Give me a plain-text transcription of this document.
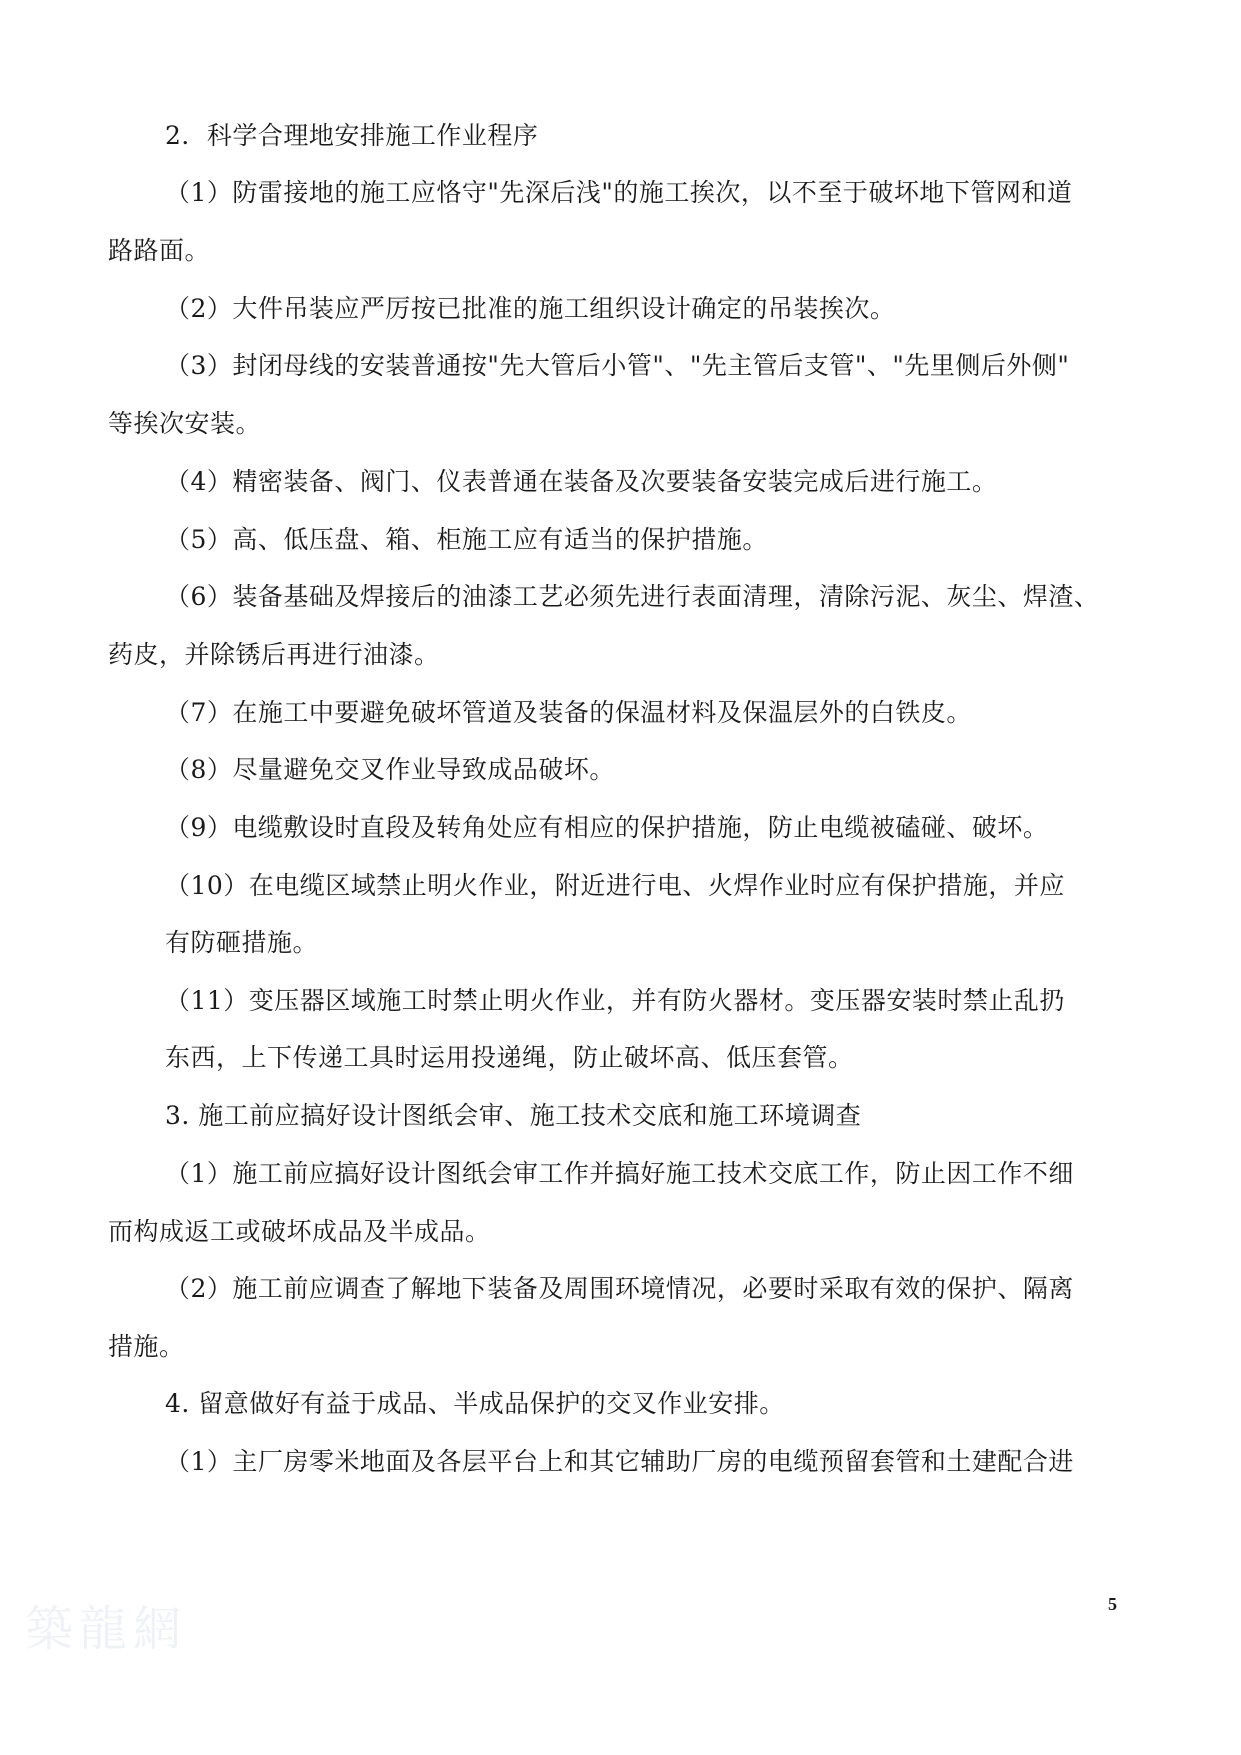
2．科学合理地安排施工作业程序
（1）防雷接地的施工应恪守"先深后浅"的施工挨次，以不至于破坏地下管网和道
路路面。
（2）大件吊装应严厉按已批准的施工组织设计确定的吊装挨次。
（3）封闭母线的安装普通按"先大管后小管"、"先主管后支管"、"先里侧后外侧"
等挨次安装。
（4）精密装备、阀门、仪表普通在装备及次要装备安装完成后进行施工。
（5）高、低压盘、箱、柜施工应有适当的保护措施。
（6）装备基础及焊接后的油漆工艺必须先进行表面清理，清除污泥、灰尘、焊渣、
药皮，并除锈后再进行油漆。
（7）在施工中要避免破坏管道及装备的保温材料及保温层外的白铁皮。
（8）尽量避免交叉作业导致成品破坏。
（9）电缆敷设时直段及转角处应有相应的保护措施，防止电缆被磕碰、破坏。
（10）在电缆区域禁止明火作业，附近进行电、火焊作业时应有保护措施，并应
有防砸措施。
（11）变压器区域施工时禁止明火作业，并有防火器材。变压器安装时禁止乱扔
东西，上下传递工具时运用投递绳，防止破坏高、低压套管。
3. 施工前应搞好设计图纸会审、施工技术交底和施工环境调查
（1）施工前应搞好设计图纸会审工作并搞好施工技术交底工作，防止因工作不细
而构成返工或破坏成品及半成品。
（2）施工前应调查了解地下装备及周围环境情况，必要时采取有效的保护、隔离
措施。
4. 留意做好有益于成品、半成品保护的交叉作业安排。
（1）主厂房零米地面及各层平台上和其它辅助厂房的电缆预留套管和土建配合进
築龍網	5
